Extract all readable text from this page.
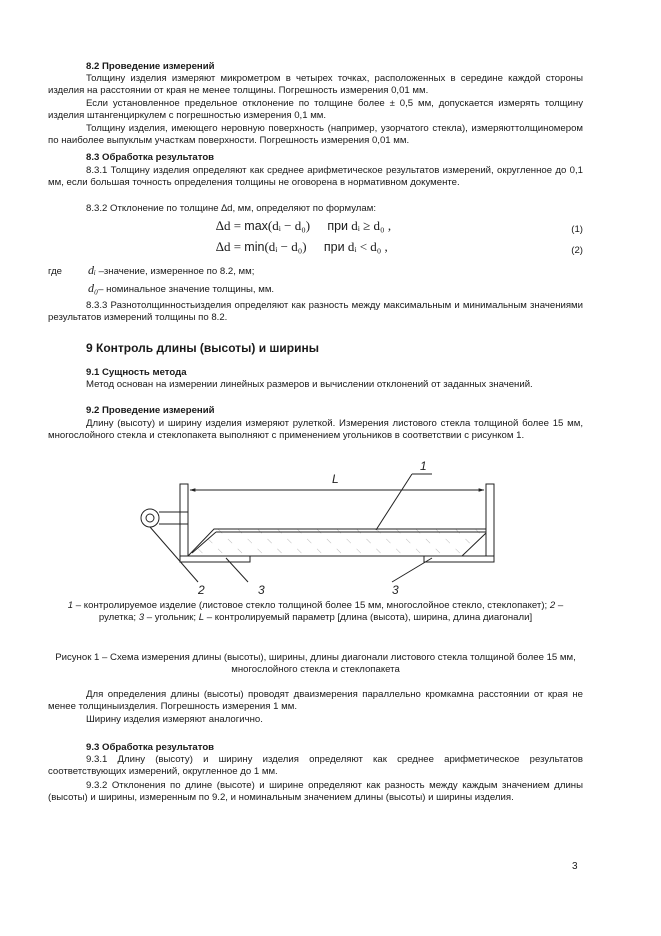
8.2 Проведение измерений

Толщину изделия измеряют микрометром в четырех точках, расположенных в середине каждой стороны изделия на расстоянии от края не менее толщины. Погрешность измерения 0,01 мм.

Если установленное предельное отклонение по толщине более ± 0,5 мм, допускается измерять толщину изделия штангенциркулем с погрешностью измерения 0,1 мм.

Толщину изделия, имеющего неровную поверхность (например, узорчатого стекла), измеряюттолщиномером по наиболее выпуклым участкам поверхности. Погрешность измерения 0,01 мм.

8.3 Обработка результатов

8.3.1 Толщину изделия определяют как среднее арифметическое результатов измерений, округленное до 0,1 мм, если большая точность определения толщины не оговорена в нормативном документе.

8.3.2 Отклонение по толщине ∆d, мм, определяют по формулам:

∆d = max(dᵢ − d₀) при dᵢ ≥ d₀ ,	(1)
∆d = min(dᵢ − d₀) при dᵢ < d₀ ,	(2)
где dᵢ –значение, измеренное по 8.2, мм;
d₀– номинальное значение толщины, мм.

8.3.3 Разнотолщинностьизделия определяют как разность между максимальным и минимальным значениями результатов измерений толщины по 8.2.

9 Контроль длины (высоты) и ширины
9.1 Сущность метода

Метод основан на измерении линейных размеров и вычислении отклонений от заданных значений.

9.2 Проведение измерений

Длину (высоту) и ширину изделия измеряют рулеткой. Измерения листового стекла толщиной более 15 мм, многослойного стекла и стеклопакета выполняют с применением угольников в соответствии с рисунком 1.

L
1
2	3	3
1 – контролируемое изделие (листовое стекло толщиной более 15 мм, многослойное стекло, стеклопакет); 2 – рулетка; 3 – угольник; L – контролируемый параметр [длина (высота), ширина, длина диагонали]
Рисунок 1 – Схема измерения длины (высоты), ширины, длины диагонали листового стекла толщиной более 15 мм, многослойного стекла и стеклопакета

Для определения длины (высоты) проводят дваизмерения параллельно кромкамна расстоянии от края не менее толщиныизделия. Погрешность измерения 1 мм.

Ширину изделия измеряют аналогично.

9.3 Обработка результатов

9.3.1 Длину (высоту) и ширину изделия определяют как среднее арифметическое результатов соответствующих измерений, округленное до 1 мм.

9.3.2 Отклонения по длине (высоте) и ширине определяют как разность между каждым значением длины (высоты) и ширины, измеренным по 9.2, и номинальным значением длины (высоты) и ширины изделия.

3
